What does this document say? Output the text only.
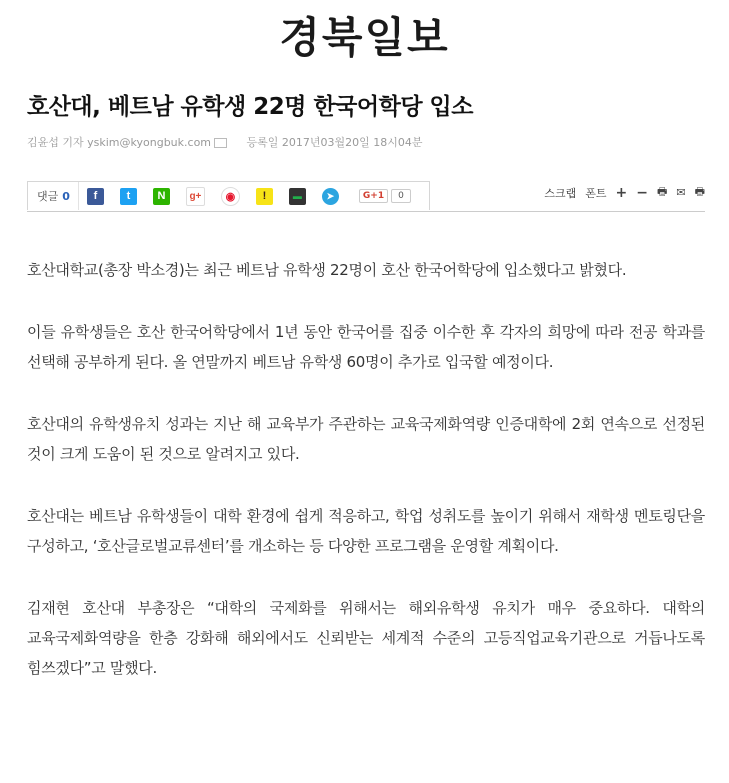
경북일보
호산대, 베트남 유학생 22명 한국어학당 입소
김윤섭 기자 yskim@kyongbuk.com	등록일 2017년03월20일 18시04분
댓글 0	f	t	N	g+	◉	!	▬	➤	G+1	0	스크랩 폰트 + − 🖶 ✉ 🖶

호산대학교(총장 박소경)는 최근 베트남 유학생 22명이 호산 한국어학당에 입소했다고 밝혔다.

이들 유학생들은 호산 한국어학당에서 1년 동안 한국어를 집중 이수한 후 각자의 희망에 따라 전공 학과를 선택해 공부하게 된다. 올 연말까지 베트남 유학생 60명이 추가로 입국할 예정이다.

호산대의 유학생유치 성과는 지난 해 교육부가 주관하는 교육국제화역량 인증대학에 2회 연속으로 선정된 것이 크게 도움이 된 것으로 알려지고 있다.

호산대는 베트남 유학생들이 대학 환경에 쉽게 적응하고, 학업 성취도를 높이기 위해서 재학생 멘토링단을 구성하고, ‘호산글로벌교류센터’를 개소하는 등 다양한 프로그램을 운영할 계획이다.

김재현 호산대 부총장은 “대학의 국제화를 위해서는 해외유학생 유치가 매우 중요하다. 대학의 교육국제화역량을 한층 강화해 해외에서도 신뢰받는 세계적 수준의 고등직업교육기관으로 거듭나도록 힘쓰겠다”고 말했다.
